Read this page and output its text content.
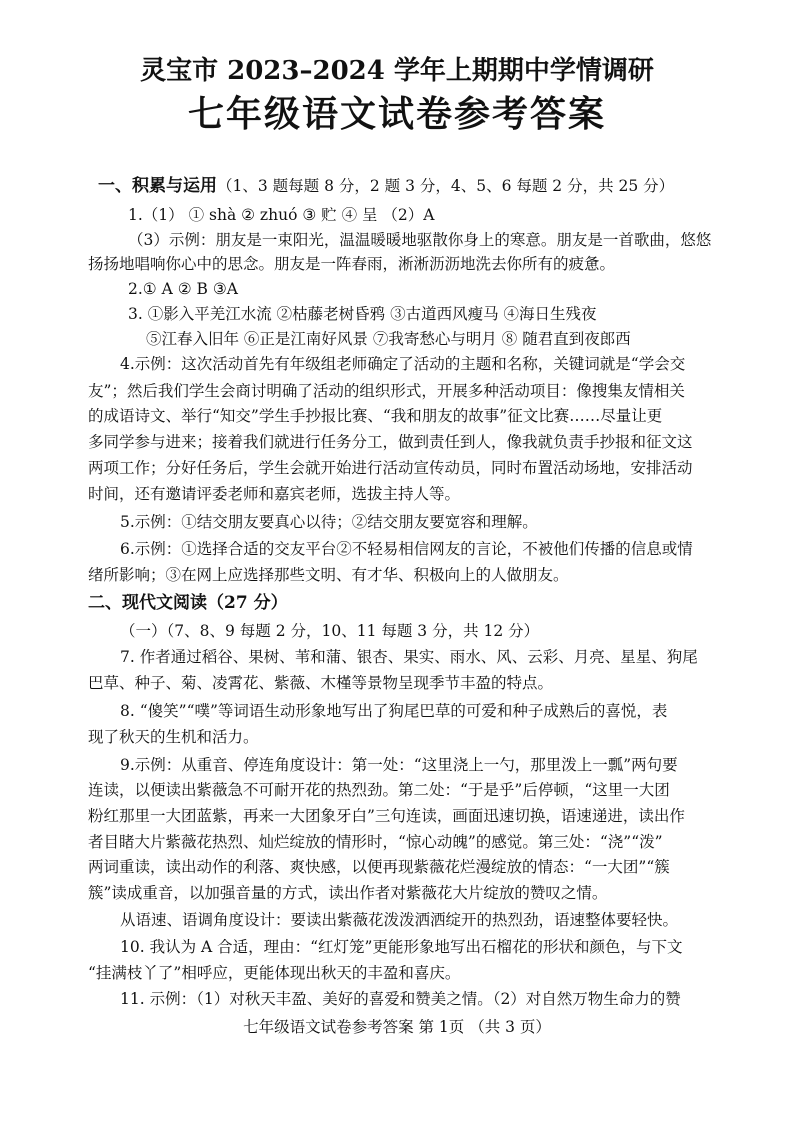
灵宝市 2023–2024 学年上期期中学情调研
七年级语文试卷参考答案
一、积累与运用（1、3 题每题 8 分，2 题 3 分，4、5、6 每题 2 分，共 25 分）
1.（1） ① shà ② zhuó ③ 贮 ④ 呈 （2）A
（3）示例：朋友是一束阳光，温温暖暖地驱散你身上的寒意。朋友是一首歌曲，悠悠
扬扬地唱响你心中的思念。朋友是一阵春雨，淅淅沥沥地洗去你所有的疲惫。
2.① A ② B ③A
3. ①影入平羌江水流 ②枯藤老树昏鸦 ③古道西风瘦马 ④海日生残夜
⑤江春入旧年 ⑥正是江南好风景 ⑦我寄愁心与明月 ⑧ 随君直到夜郎西
4.示例：这次活动首先有年级组老师确定了活动的主题和名称，关键词就是“学会交
友”；然后我们学生会商讨明确了活动的组织形式，开展多种活动项目：像搜集友情相关
的成语诗文、举行“知交”学生手抄报比赛、“我和朋友的故事”征文比赛……尽量让更
多同学参与进来；接着我们就进行任务分工，做到责任到人，像我就负责手抄报和征文这
两项工作；分好任务后，学生会就开始进行活动宣传动员，同时布置活动场地，安排活动
时间，还有邀请评委老师和嘉宾老师，选拔主持人等。
5.示例：①结交朋友要真心以待；②结交朋友要宽容和理解。
6.示例：①选择合适的交友平台②不轻易相信网友的言论，不被他们传播的信息或情
绪所影响；③在网上应选择那些文明、有才华、积极向上的人做朋友。
二、现代文阅读（27 分）
（一）（7、8、9 每题 2 分，10、11 每题 3 分，共 12 分）
7. 作者通过稻谷、果树、苇和蒲、银杏、果实、雨水、风、云彩、月亮、星星、狗尾
巴草、种子、菊、凌霄花、紫薇、木槿等景物呈现季节丰盈的特点。
8. “傻笑”“噗”等词语生动形象地写出了狗尾巴草的可爱和种子成熟后的喜悦，表
现了秋天的生机和活力。
9.示例：从重音、停连角度设计：第一处：“这里浇上一勺，那里泼上一瓢”两句要
连读，以便读出紫薇急不可耐开花的热烈劲。第二处：“于是乎”后停顿，“这里一大团
粉红那里一大团蓝紫，再来一大团象牙白”三句连读，画面迅速切换，语速递进，读出作
者目睹大片紫薇花热烈、灿烂绽放的情形时，“惊心动魄”的感觉。第三处：“浇”“泼”
两词重读，读出动作的利落、爽快感，以便再现紫薇花烂漫绽放的情态：“一大团”“簇
簇”读成重音，以加强音量的方式，读出作者对紫薇花大片绽放的赞叹之情。
从语速、语调角度设计：要读出紫薇花泼泼洒洒绽开的热烈劲，语速整体要轻快。
10. 我认为 A 合适，理由：“红灯笼”更能形象地写出石榴花的形状和颜色，与下文
“挂满枝丫了”相呼应，更能体现出秋天的丰盈和喜庆。
11. 示例：（1）对秋天丰盈、美好的喜爱和赞美之情。（2）对自然万物生命力的赞
七年级语文试卷参考答案 第 1页 （共 3 页）
